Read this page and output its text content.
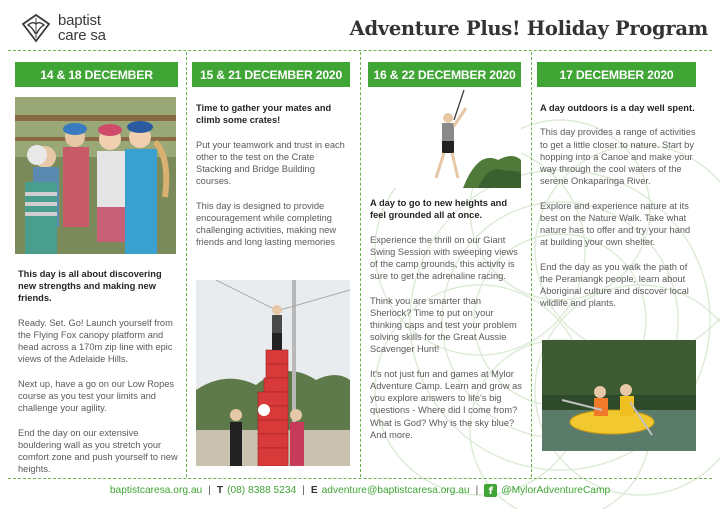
baptist
care sa	Adventure Plus! Holiday Program
14 & 18 DECEMBER	15 & 21 DECEMBER 2020	16 & 22 DECEMBER 2020	17 DECEMBER 2020

This day is all about discovering new strengths and making new friends.

Ready. Set. Go! Launch yourself from the Flying Fox canopy platform and head across a 170m zip line with epic views of the Adelaide Hills.

Next up, have a go on our Low Ropes course as you test your limits and challenge your agility.

End the day on our extensive bouldering wall as you stretch your comfort zone and push yourself to new heights.

Time to gather your mates and climb some crates!

Put your teamwork and trust in each other to the test on the Crate Stacking and Bridge Building courses.

This day is designed to provide encouragement while completing challenging activities, making new friends and long lasting memories

A day to go to new heights and feel grounded all at once.

Experience the thrill on our Giant Swing Session with sweeping views of the camp grounds, this activity is sure to get the adrenaline racing.

Think you are smarter than Sherlock? Time to put on your thinking caps and test your problem solving skills for the Great Aussie Scavenger Hunt!

It's not just fun and games at Mylor Adventure Camp. Learn and grow as you explore answers to life's big questions - Where did I come from? What is God? Why is the sky blue? And more.

A day outdoors is a day well spent.

This day provides a range of activities to get a little closer to nature. Start by hopping into a Canoe and make your way through the cool waters of the serene Onkaparinga River.

Explore and experience nature at its best on the Nature Walk. Take what nature has to offer and try your hand at building your own shelter.

End the day as you walk the path of the Peramangk people, learn about Aboriginal culture and discover local wildlife and plants.

baptistcaresa.org.au | T (08) 8388 5234 | E adventure@baptistcaresa.org.au |	f @MylorAdventureCamp
